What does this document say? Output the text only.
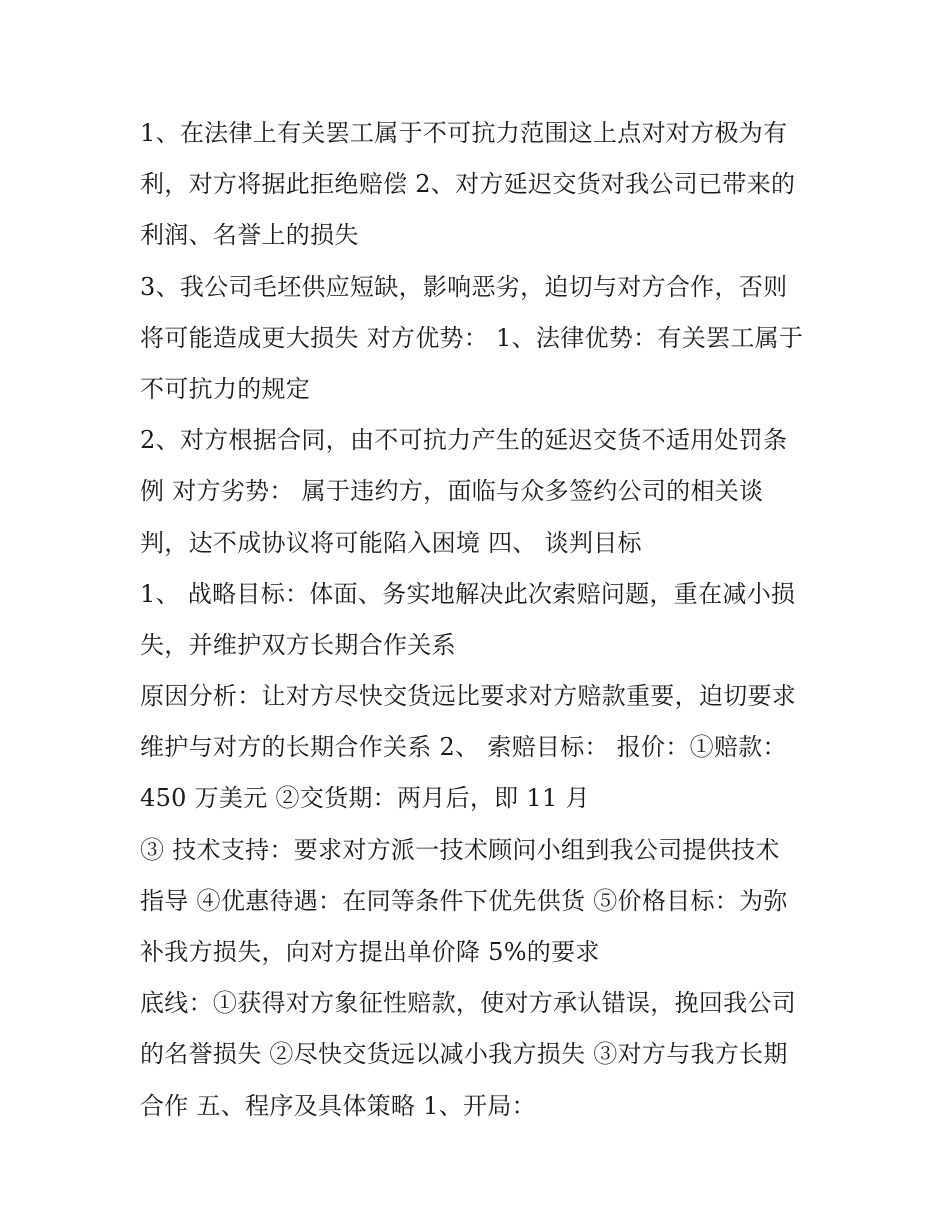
1、在法律上有关罢工属于不可抗力范围这上点对对方极为有
利，对方将据此拒绝赔偿 2、对方延迟交货对我公司已带来的
利润、名誉上的损失
3、我公司毛坯供应短缺，影响恶劣，迫切与对方合作，否则
将可能造成更大损失 对方优势： 1、法律优势：有关罢工属于
不可抗力的规定
2、对方根据合同，由不可抗力产生的延迟交货不适用处罚条
例 对方劣势： 属于违约方，面临与众多签约公司的相关谈
判，达不成协议将可能陷入困境 四、 谈判目标
1、 战略目标：体面、务实地解决此次索赔问题，重在减小损
失，并维护双方长期合作关系
原因分析：让对方尽快交货远比要求对方赔款重要，迫切要求
维护与对方的长期合作关系 2、 索赔目标： 报价：①赔款：
450 万美元 ②交货期：两月后，即 11 月
③ 技术支持：要求对方派一技术顾问小组到我公司提供技术
指导 ④优惠待遇：在同等条件下优先供货 ⑤价格目标：为弥
补我方损失，向对方提出单价降 5%的要求
底线：①获得对方象征性赔款，使对方承认错误，挽回我公司
的名誉损失 ②尽快交货远以减小我方损失 ③对方与我方长期
合作 五、程序及具体策略 1、开局：
